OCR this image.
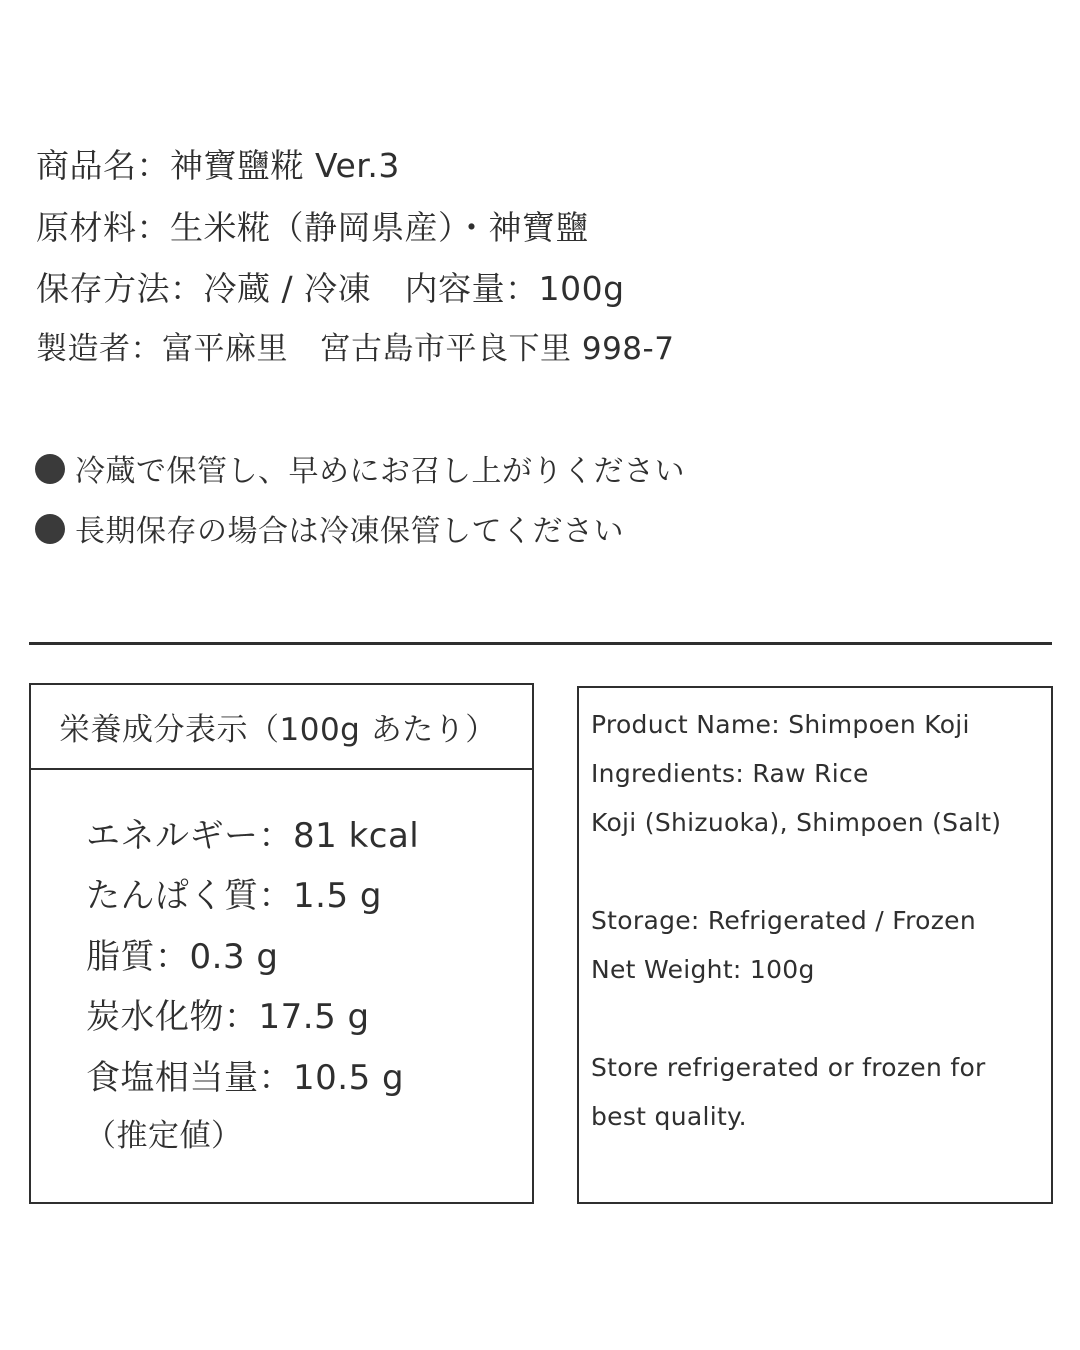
商品名：神寶鹽糀 Ver.3
原材料：生米糀（静岡県産）・神寶鹽
保存方法：冷蔵 / 冷凍　内容量：100g
製造者：富平麻里　宮古島市平良下里 998-7
冷蔵で保管し、早めにお召し上がりください
長期保存の場合は冷凍保管してください
栄養成分表示（100g あたり）
エネルギー：81 kcal
たんぱく質：1.5 g
脂質：0.3 g
炭水化物：17.5 g
食塩相当量：10.5 g
（推定値）
Product Name: Shimpoen Koji
Ingredients: Raw Rice
Koji (Shizuoka), Shimpoen (Salt)
Storage: Refrigerated / Frozen
Net Weight: 100g
Store refrigerated or frozen for
best quality.
